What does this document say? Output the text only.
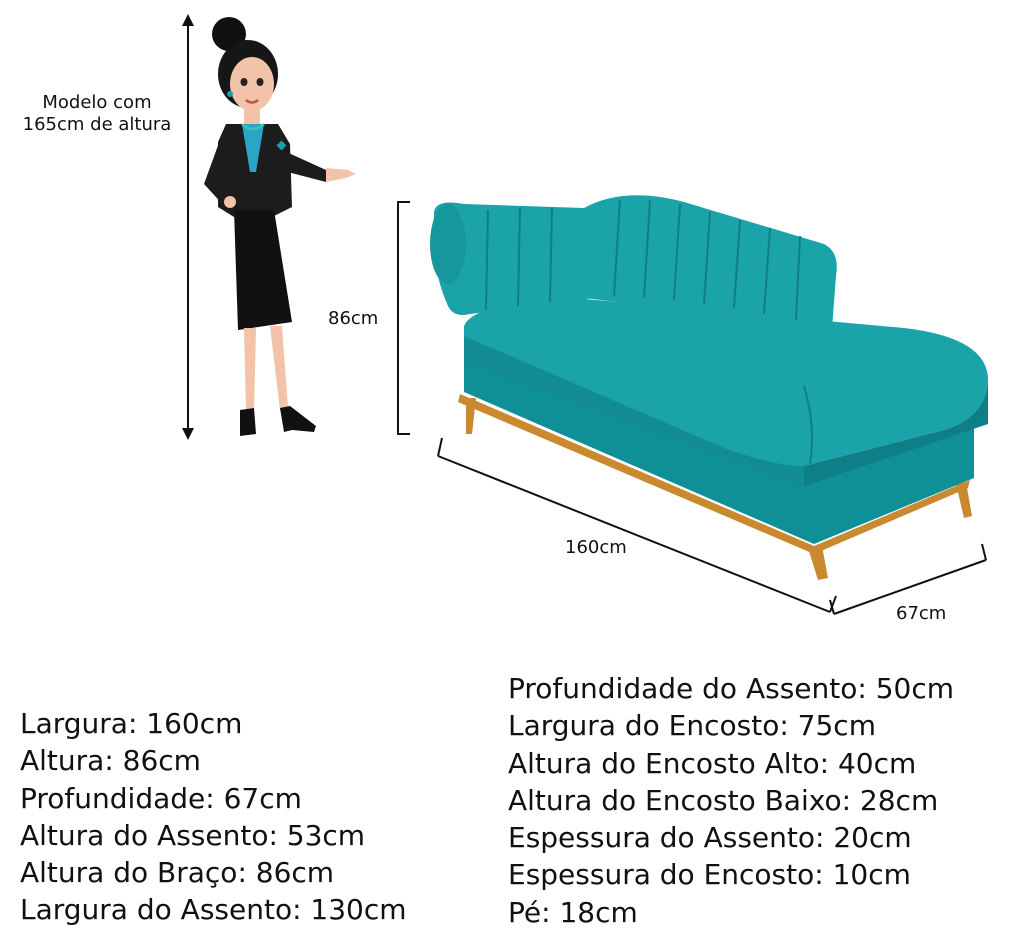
Modelo com
165cm de altura
86cm
160cm
67cm
Largura: 160cm
Altura: 86cm
Profundidade: 67cm
Altura do Assento: 53cm
Altura do Braço: 86cm
Largura do Assento: 130cm
Profundidade do Assento: 50cm
Largura do Encosto: 75cm
Altura do Encosto Alto: 40cm
Altura do Encosto Baixo: 28cm
Espessura do Assento: 20cm
Espessura do Encosto: 10cm
Pé: 18cm
